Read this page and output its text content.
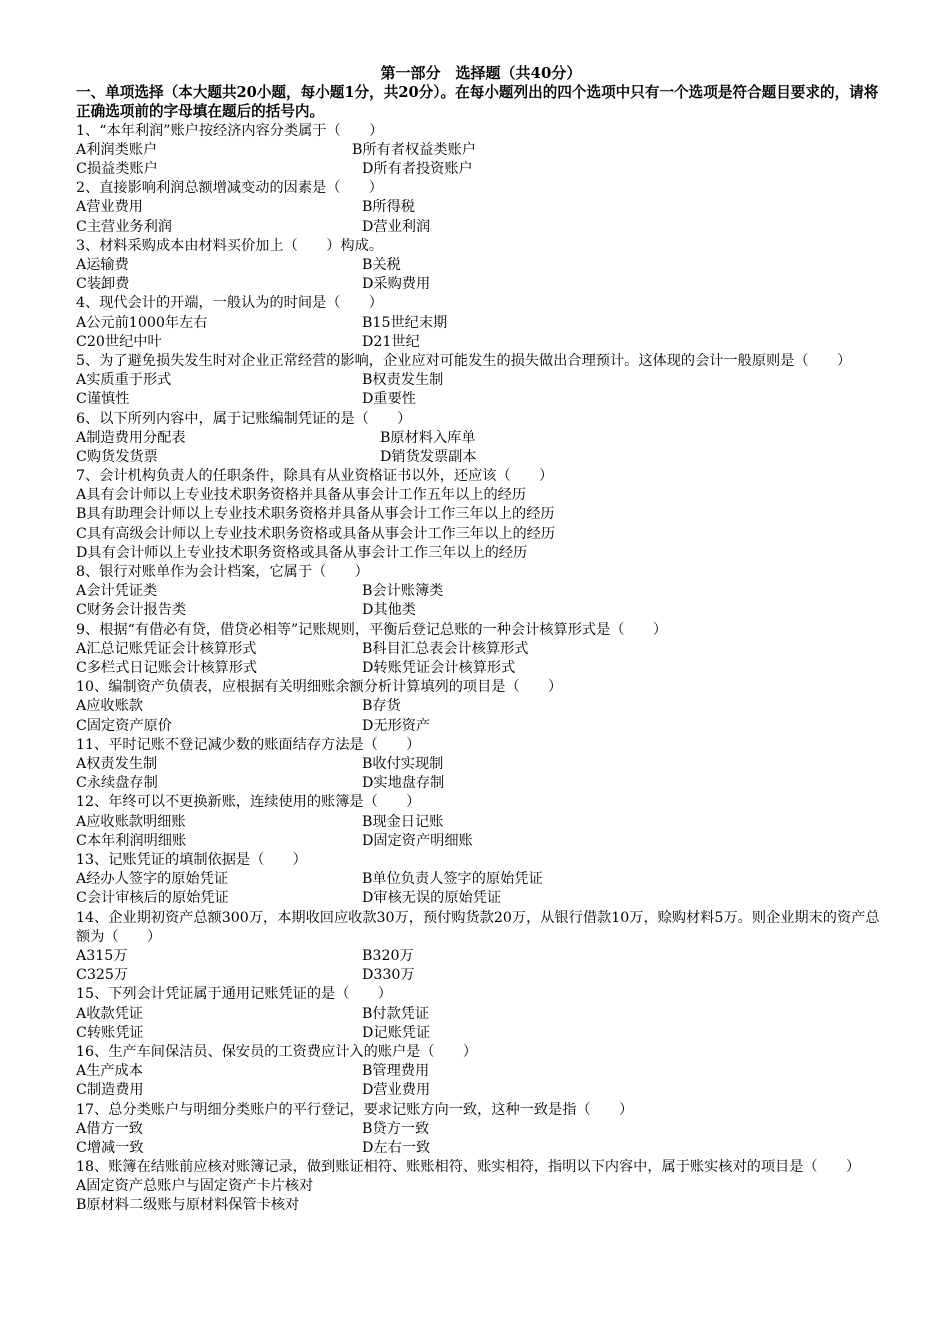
第一部分　选择题（共40分）
一、单项选择（本大题共20小题，每小题1分，共20分）。在每小题列出的四个选项中只有一个选项是符合题目要求的，请将正确选项前的字母填在题后的括号内。
1、“本年利润”账户按经济内容分类属于（　　）
A利润类账户	B所有者权益类账户
C损益类账户	D所有者投资账户
2、直接影响利润总额增减变动的因素是（　　）
A营业费用	B所得税
C主营业务利润	D营业利润
3、材料采购成本由材料买价加上（　　）构成。
A运输费	B关税
C装卸费	D采购费用
4、现代会计的开端，一般认为的时间是（　　）
A公元前1000年左右	B15世纪末期
C20世纪中叶	D21世纪
5、为了避免损失发生时对企业正常经营的影响，企业应对可能发生的损失做出合理预计。这体现的会计一般原则是（　　）
A实质重于形式	B权责发生制
C谨慎性	D重要性
6、以下所列内容中，属于记账编制凭证的是（　　）
A制造费用分配表	B原材料入库单
C购货发货票	D销货发票副本
7、会计机构负责人的任职条件，除具有从业资格证书以外，还应该（　　）
A具有会计师以上专业技术职务资格并具备从事会计工作五年以上的经历
B具有助理会计师以上专业技术职务资格并具备从事会计工作三年以上的经历
C具有高级会计师以上专业技术职务资格或具备从事会计工作三年以上的经历
D具有会计师以上专业技术职务资格或具备从事会计工作三年以上的经历
8、银行对账单作为会计档案，它属于（　　）
A会计凭证类	B会计账簿类
C财务会计报告类	D其他类
9、根据“有借必有贷，借贷必相等”记账规则，平衡后登记总账的一种会计核算形式是（　　）
A汇总记账凭证会计核算形式	B科目汇总表会计核算形式
C多栏式日记账会计核算形式	D转账凭证会计核算形式
10、编制资产负债表，应根据有关明细账余额分析计算填列的项目是（　　）
A应收账款	B存货
C固定资产原价	D无形资产
11、平时记账不登记减少数的账面结存方法是（　　）
A权责发生制	B收付实现制
C永续盘存制	D实地盘存制
12、年终可以不更换新账，连续使用的账簿是（　　）
A应收账款明细账	B现金日记账
C本年利润明细账	D固定资产明细账
13、记账凭证的填制依据是（　　）
A经办人签字的原始凭证	B单位负责人签字的原始凭证
C会计审核后的原始凭证	D审核无误的原始凭证
14、企业期初资产总额300万，本期收回应收款30万，预付购货款20万，从银行借款10万，赊购材料5万。则企业期末的资产总额为（　　）
A315万	B320万
C325万	D330万
15、下列会计凭证属于通用记账凭证的是（　　）
A收款凭证	B付款凭证
C转账凭证	D记账凭证
16、生产车间保洁员、保安员的工资费应计入的账户是（　　）
A生产成本	B管理费用
C制造费用	D营业费用
17、总分类账户与明细分类账户的平行登记，要求记账方向一致，这种一致是指（　　）
A借方一致	B贷方一致
C增减一致	D左右一致
18、账簿在结账前应核对账簿记录，做到账证相符、账账相符、账实相符，指明以下内容中，属于账实核对的项目是（　　）
A固定资产总账户与固定资产卡片核对
B原材料二级账与原材料保管卡核对
